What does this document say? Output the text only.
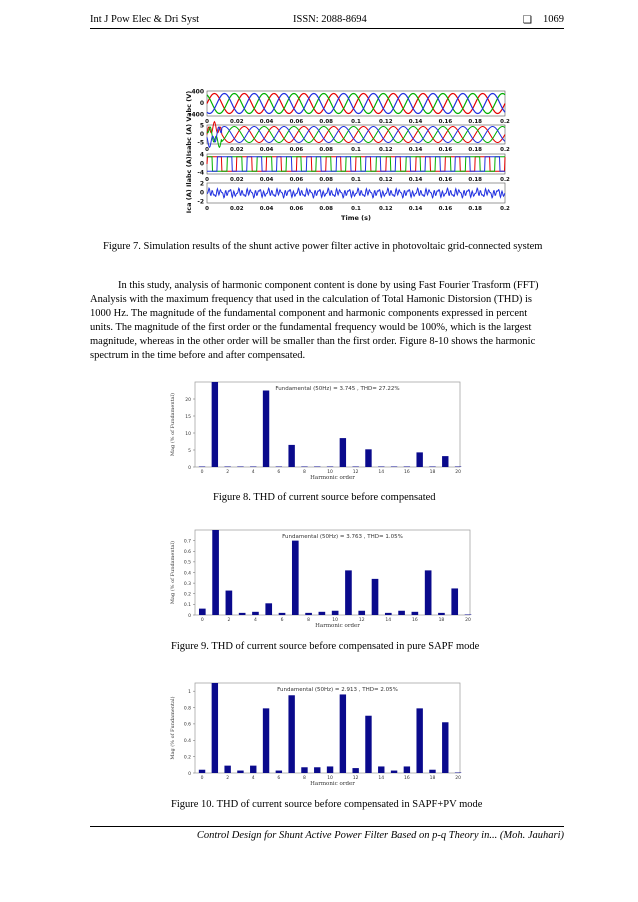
Int J Pow Elec & Dri Syst	ISSN: 2088-8694	❏ 1069
400
0
-400
0	0.02	0.04	0.06	0.08	0.1	0.12	0.14	0.16	0.18	0.2
5
0
-5
0	0.02	0.04	0.06	0.08	0.1	0.12	0.14	0.16	0.18	0.2
4
0
-4
0	0.02	0.04	0.06	0.08	0.1	0.12	0.14	0.16	0.18	0.2
2
0
-2
0	0.02	0.04	0.06	0.08	0.1	0.12	0.14	0.16	0.18	0.2
Time (s)
Ica (A) Ilabc (A)Isabc (A) Vabc (V)
Figure 7. Simulation results of the shunt active power filter active in photovoltaic grid-connected system
In this study, analysis of harmonic component content is done by using Fast Fourier Trasform (FFT)
Analysis with the maximum frequency that used in the calculation of Total Hamonic Distorsion (THD) is
1000 Hz. The magnitude of the fundamental component and harmonic components expressed in percent
units. The magnitude of the first order or the fundamental frequency would be 100%, which is the largest
magnitude, whereas in the other order will be smaller than the first order. Figure 8-10 shows the harmonic
spectrum in the time before and after compensated.
Fundamental (50Hz) = 3.745 , THD= 27.22%
0
5
10
15
20
0	2	4	6	8	10	12	14	16	18	20
Harmonic order
Mag (% of Fundamental)
Figure 8. THD of current source before compensated
Fundamental (50Hz) = 3.763 , THD= 1.05%
0
0.1
0.2
0.3
0.4
0.5
0.6
0.7
0	2	4	6	8	10	12	14	16	18	20
Harmonic order
Mag (% of Fundamental)
Figure 9. THD of current source before compensated in pure SAPF mode
Fundamental (50Hz) = 2.913 , THD= 2.05%
0
0.2
0.4
0.6
0.8
1
0	2	4	6	8	10	12	14	16	18	20
Harmonic order
Mag (% of Fundamental)
Figure 10. THD of current source before compensated in SAPF+PV mode
Control Design for Shunt Active Power Filter Based on p-q Theory in... (Moh. Jauhari)
